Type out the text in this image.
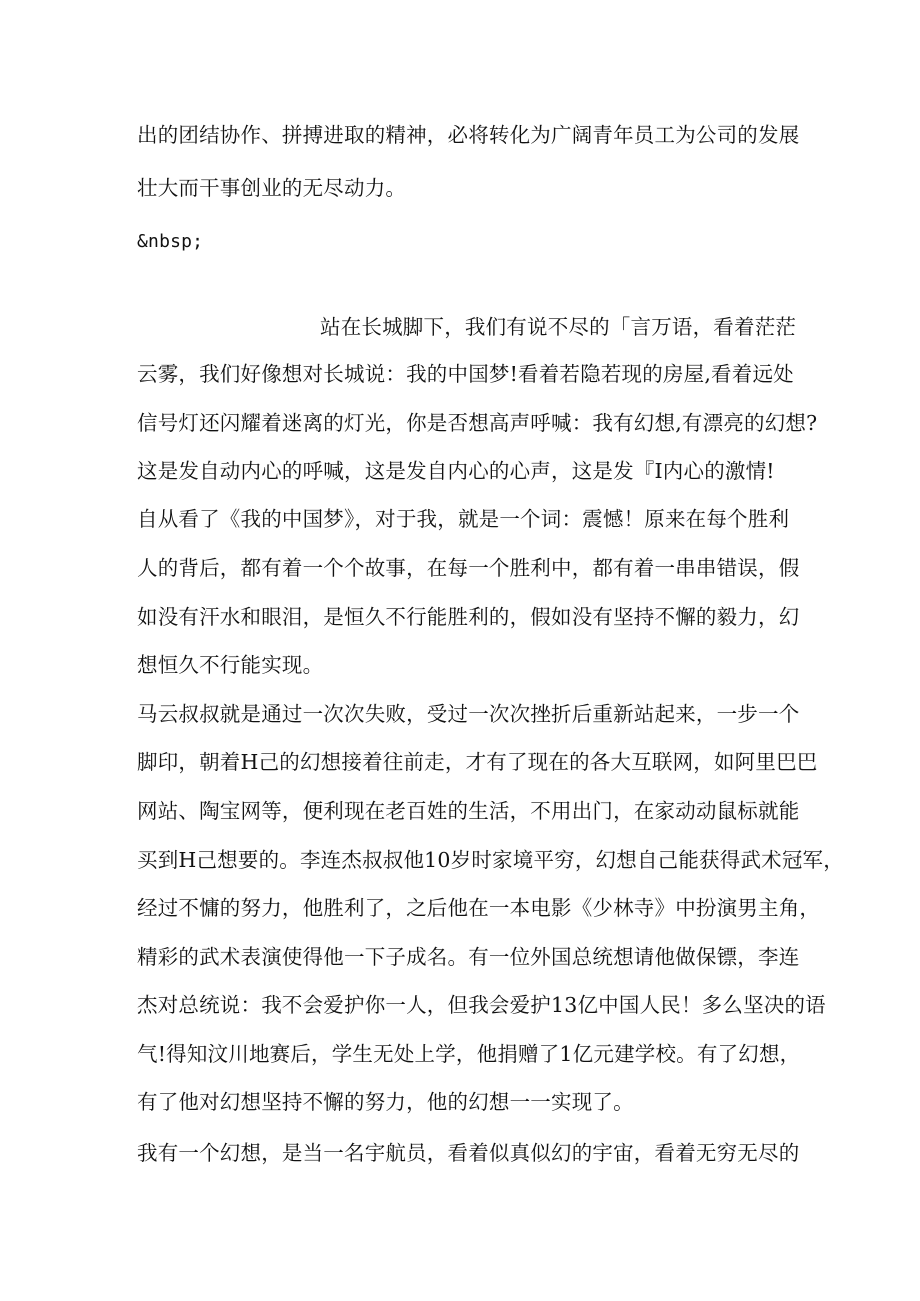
出的团结协作、拼搏进取的精神，必将转化为广阔青年员工为公司的发展
壮大而干事创业的无尽动力。
&nbsp;
站在长城脚下，我们有说不尽的「言万语，看着茫茫
云雾，我们好像想对长城说：我的中国梦!看着若隐若现的房屋,看着远处
信号灯还闪耀着迷离的灯光，你是否想高声呼喊：我有幻想,有漂亮的幻想?
这是发自动内心的呼喊，这是发自内心的心声，这是发『I内心的激情!
自从看了《我的中国梦》，对于我，就是一个词：震憾！原来在每个胜利
人的背后，都有着一个个故事，在每一个胜利中，都有着一串串错误，假
如没有汗水和眼泪，是恒久不行能胜利的，假如没有坚持不懈的毅力，幻
想恒久不行能实现。
马云叔叔就是通过一次次失败，受过一次次挫折后重新站起来，一步一个
脚印，朝着H己的幻想接着往前走，才有了现在的各大互联网，如阿里巴巴
网站、陶宝网等，便利现在老百姓的生活，不用出门，在家动动鼠标就能
买到H己想要的。李连杰叔叔他10岁时家境平穷，幻想自己能获得武术冠军，
经过不慵的努力，他胜利了，之后他在一本电影《少林寺》中扮演男主角，
精彩的武术表演使得他一下子成名。有一位外国总统想请他做保镖，李连
杰对总统说：我不会爱护你一人，但我会爱护13亿中国人民！多么坚决的语
气!得知汶川地赛后，学生无处上学，他捐赠了1亿元建学校。有了幻想，
有了他对幻想坚持不懈的努力，他的幻想一一实现了。
我有一个幻想，是当一名宇航员，看着似真似幻的宇宙，看着无穷无尽的
